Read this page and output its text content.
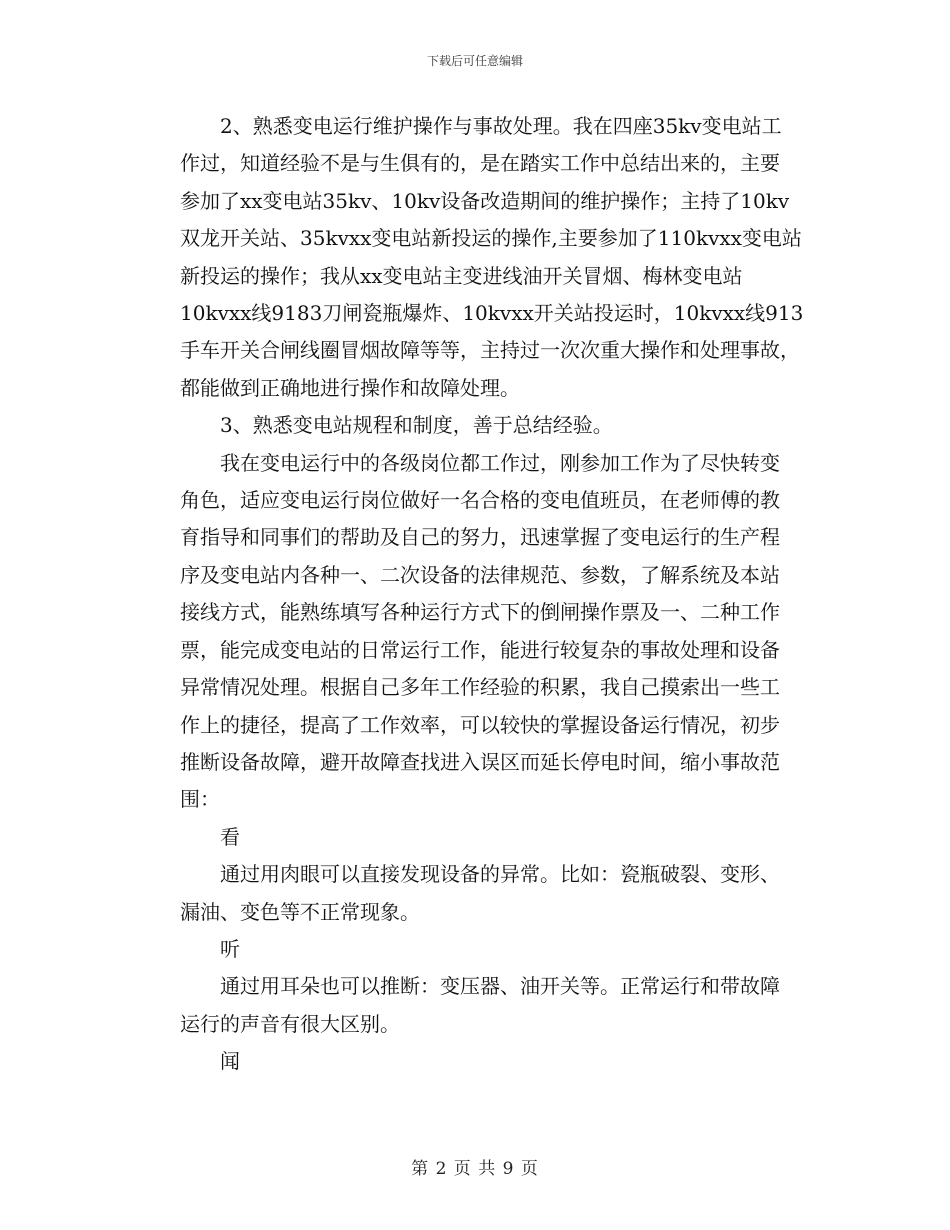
下载后可任意编辑
2、熟悉变电运行维护操作与事故处理。我在四座35kv变电站工
作过，知道经验不是与生俱有的，是在踏实工作中总结出来的，主要
参加了xx变电站35kv、10kv设备改造期间的维护操作；主持了10kv
双龙开关站、35kvxx变电站新投运的操作,主要参加了110kvxx变电站
新投运的操作；我从xx变电站主变进线油开关冒烟、梅林变电站
10kvxx线9183刀闸瓷瓶爆炸、10kvxx开关站投运时，10kvxx线913
手车开关合闸线圈冒烟故障等等，主持过一次次重大操作和处理事故，
都能做到正确地进行操作和故障处理。
3、熟悉变电站规程和制度，善于总结经验。
我在变电运行中的各级岗位都工作过，刚参加工作为了尽快转变
角色，适应变电运行岗位做好一名合格的变电值班员，在老师傅的教
育指导和同事们的帮助及自己的努力，迅速掌握了变电运行的生产程
序及变电站内各种一、二次设备的法律规范、参数，了解系统及本站
接线方式，能熟练填写各种运行方式下的倒闸操作票及一、二种工作
票，能完成变电站的日常运行工作，能进行较复杂的事故处理和设备
异常情况处理。根据自己多年工作经验的积累，我自己摸索出一些工
作上的捷径，提高了工作效率，可以较快的掌握设备运行情况，初步
推断设备故障，避开故障查找进入误区而延长停电时间，缩小事故范
围：
看
通过用肉眼可以直接发现设备的异常。比如：瓷瓶破裂、变形、
漏油、变色等不正常现象。
听
通过用耳朵也可以推断：变压器、油开关等。正常运行和带故障
运行的声音有很大区别。
闻
第 2 页 共 9 页
